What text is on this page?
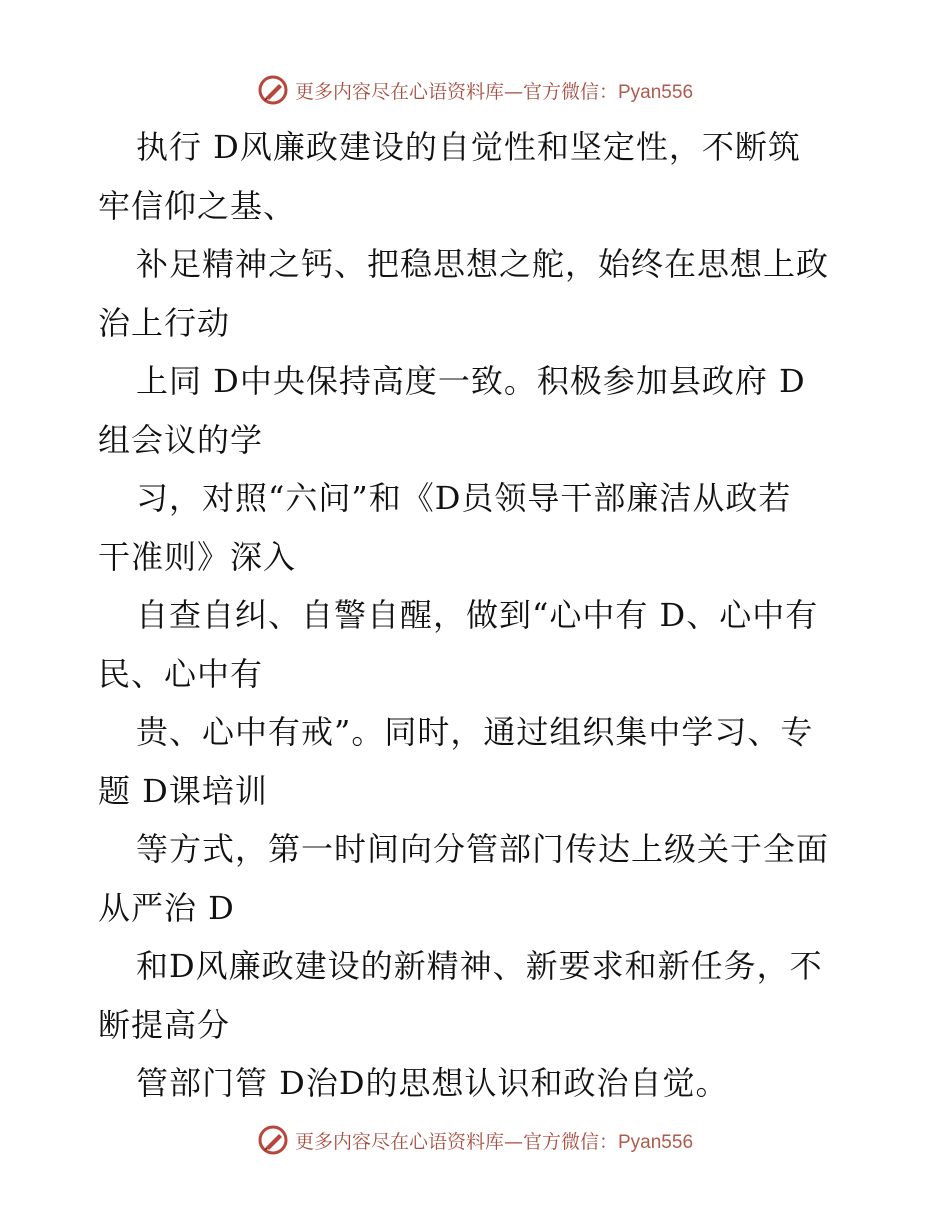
更多内容尽在心语资料库—官方微信：Pyan556
执行 D风廉政建设的自觉性和坚定性，不断筑
牢信仰之基、
补足精神之钙、把稳思想之舵，始终在思想上政
治上行动
上同 D中央保持高度一致。积极参加县政府 D
组会议的学
习，对照“六问”和《D员领导干部廉洁从政若
干准则》深入
自查自纠、自警自醒，做到“心中有 D、心中有
民、心中有
贵、心中有戒”。同时，通过组织集中学习、专
题 D课培训
等方式，第一时间向分管部门传达上级关于全面
从严治 D
和D风廉政建设的新精神、新要求和新任务，不
断提高分
管部门管 D治D的思想认识和政治自觉。
更多内容尽在心语资料库—官方微信：Pyan556
